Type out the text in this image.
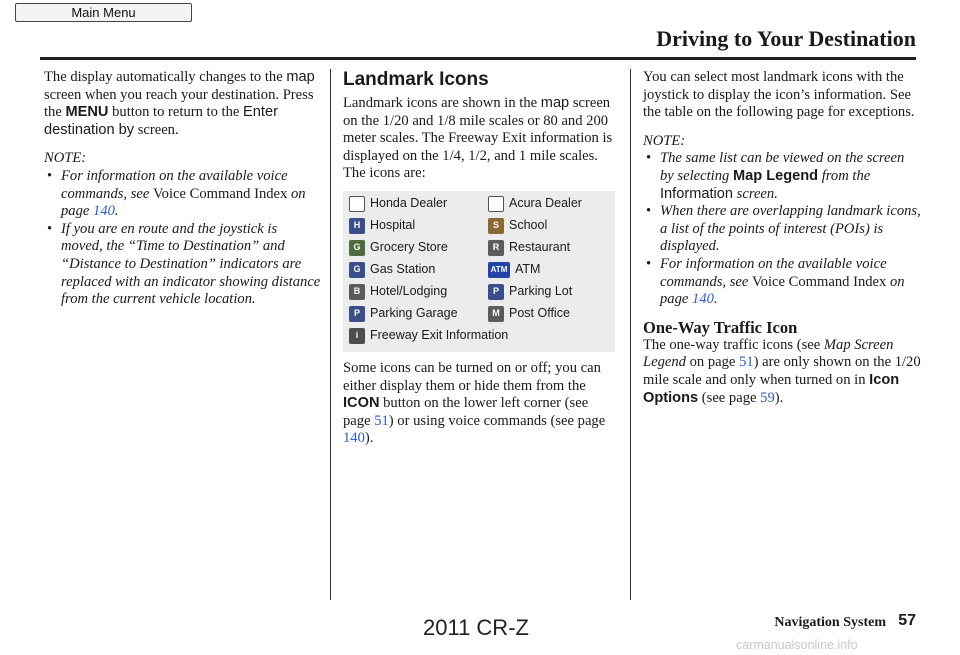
Main Menu
Driving to Your Destination

The display automatically changes to the map screen when you reach your destination. Press the MENU button to return to the Enter destination by screen.

NOTE:

• For information on the available voice commands, see Voice Command Index on page 140.
• If you are en route and the joystick is moved, the “Time to Destination” and “Distance to Destination” indicators are replaced with an indicator showing distance from the current vehicle location.

Landmark Icons

Landmark icons are shown in the map screen on the 1/20 and 1/8 mile scales or 80 and 200 meter scales. The Freeway Exit information is displayed on the 1/4, 1/2, and 1 mile scales. The icons are:

H Honda Dealer	A Acura Dealer
H Hospital	S School
G Grocery Store	R Restaurant
G Gas Station	ATM ATM
B Hotel/Lodging	P Parking Lot
P Parking Garage	M Post Office
i Freeway Exit Information

Some icons can be turned on or off; you can either display them or hide them from the ICON button on the lower left corner (see page 51) or using voice commands (see page 140).

You can select most landmark icons with the joystick to display the icon’s information. See the table on the following page for exceptions.

NOTE:

• The same list can be viewed on the screen by selecting Map Legend from the Information screen.
• When there are overlapping landmark icons, a list of the points of interest (POIs) is displayed.
• For information on the available voice commands, see Voice Command Index on page 140.

One-Way Traffic Icon

The one-way traffic icons (see Map Screen Legend on page 51) are only shown on the 1/20 mile scale and only when turned on in Icon Options (see page 59).

Navigation System 57
2011 CR-Z
carmanualsonline.info
